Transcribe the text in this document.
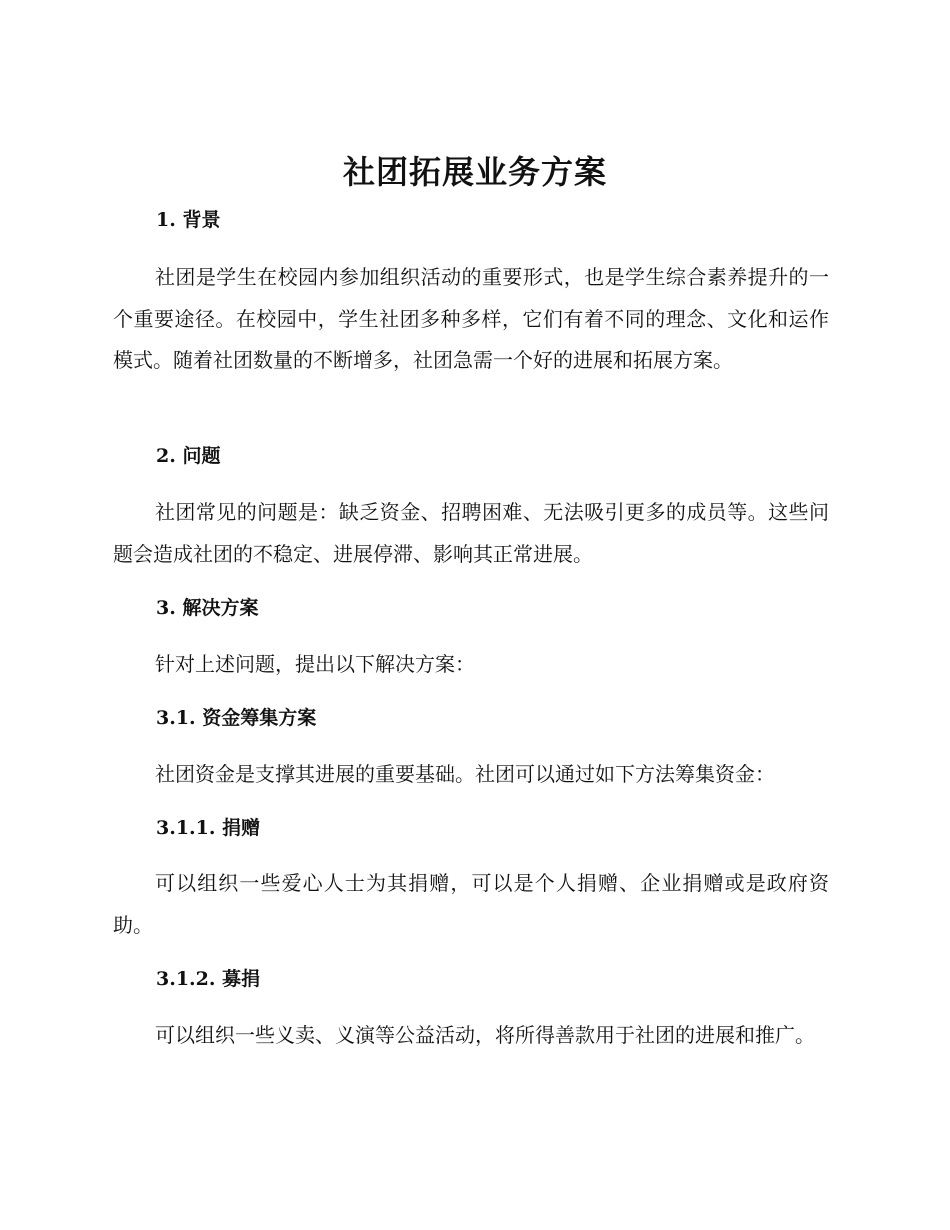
社团拓展业务方案
1. 背景
社团是学生在校园内参加组织活动的重要形式，也是学生综合素养提升的一个重要途径。在校园中，学生社团多种多样，它们有着不同的理念、文化和运作模式。随着社团数量的不断增多，社团急需一个好的进展和拓展方案。
2. 问题
社团常见的问题是：缺乏资金、招聘困难、无法吸引更多的成员等。这些问题会造成社团的不稳定、进展停滞、影响其正常进展。
3. 解决方案
针对上述问题，提出以下解决方案：
3.1. 资金筹集方案
社团资金是支撑其进展的重要基础。社团可以通过如下方法筹集资金：
3.1.1. 捐赠
可以组织一些爱心人士为其捐赠，可以是个人捐赠、企业捐赠或是政府资助。
3.1.2. 募捐
可以组织一些义卖、义演等公益活动，将所得善款用于社团的进展和推广。
